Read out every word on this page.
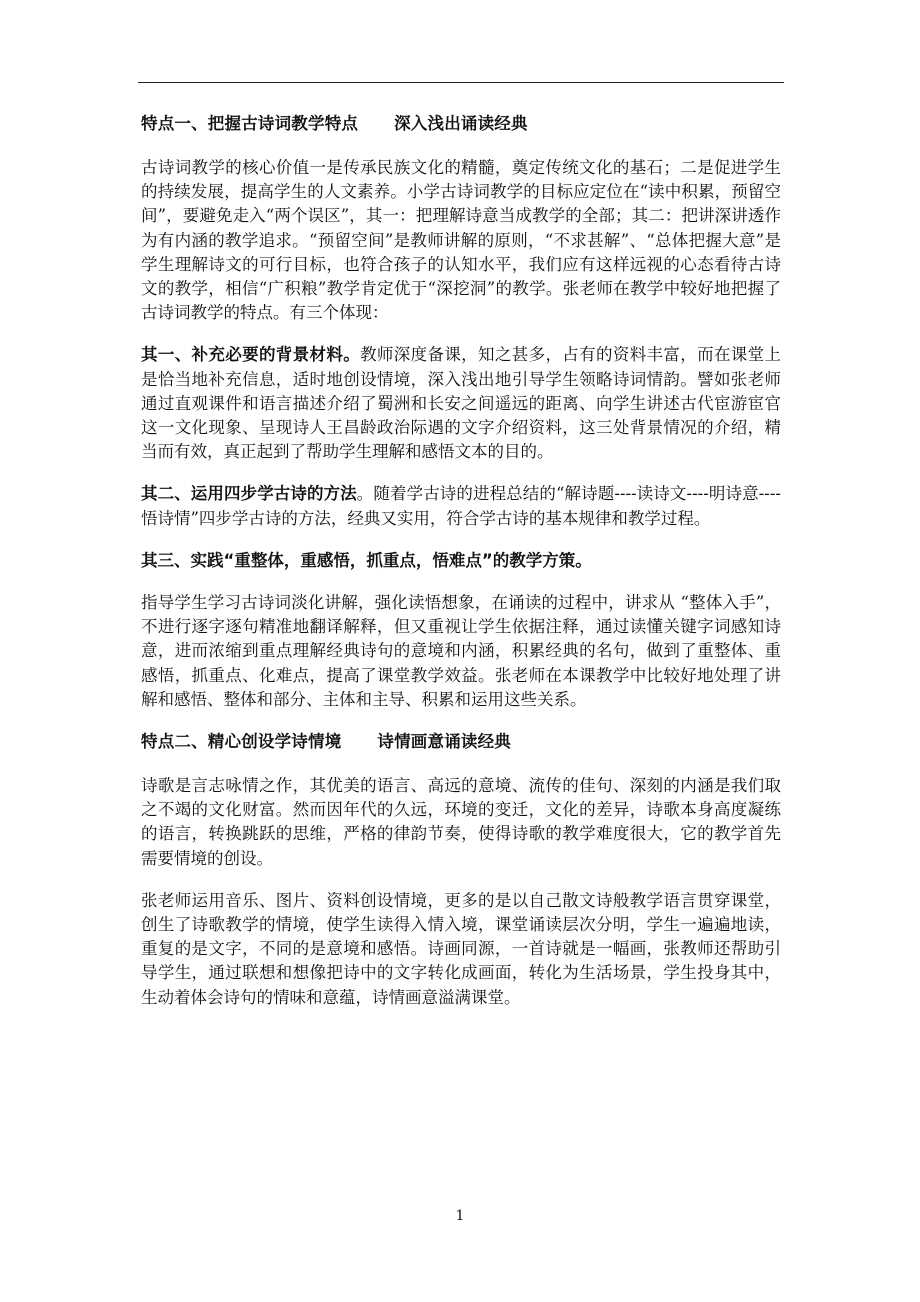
特点一、把握古诗词教学特点 深入浅出诵读经典

古诗词教学的核心价值一是传承民族文化的精髓，奠定传统文化的基石；二是促进学生的持续发展，提高学生的人文素养。小学古诗词教学的目标应定位在“读中积累，预留空间”，要避免走入“两个误区”，其一：把理解诗意当成教学的全部；其二：把讲深讲透作为有内涵的教学追求。“预留空间”是教师讲解的原则，“不求甚解”、“总体把握大意”是学生理解诗文的可行目标，也符合孩子的认知水平，我们应有这样远视的心态看待古诗文的教学，相信“广积粮”教学肯定优于“深挖洞”的教学。张老师在教学中较好地把握了古诗词教学的特点。有三个体现：

其一、补充必要的背景材料。教师深度备课，知之甚多，占有的资料丰富，而在课堂上是恰当地补充信息，适时地创设情境，深入浅出地引导学生领略诗词情韵。譬如张老师通过直观课件和语言描述介绍了蜀洲和长安之间遥远的距离、向学生讲述古代宦游宦官这一文化现象、呈现诗人王昌龄政治际遇的文字介绍资料，这三处背景情况的介绍，精当而有效，真正起到了帮助学生理解和感悟文本的目的。

其二、运用四步学古诗的方法。随着学古诗的进程总结的“解诗题----读诗文----明诗意----悟诗情”四步学古诗的方法，经典又实用，符合学古诗的基本规律和教学过程。

其三、实践“重整体，重感悟，抓重点，悟难点”的教学方策。

指导学生学习古诗词淡化讲解，强化读悟想象，在诵读的过程中，讲求从 “整体入手”，不进行逐字逐句精准地翻译解释，但又重视让学生依据注释，通过读懂关键字词感知诗意，进而浓缩到重点理解经典诗句的意境和内涵，积累经典的名句，做到了重整体、重感悟，抓重点、化难点，提高了课堂教学效益。张老师在本课教学中比较好地处理了讲解和感悟、整体和部分、主体和主导、积累和运用这些关系。

特点二、精心创设学诗情境 诗情画意诵读经典

诗歌是言志咏情之作，其优美的语言、高远的意境、流传的佳句、深刻的内涵是我们取之不竭的文化财富。然而因年代的久远，环境的变迁，文化的差异，诗歌本身高度凝练的语言，转换跳跃的思维，严格的律韵节奏，使得诗歌的教学难度很大，它的教学首先需要情境的创设。

张老师运用音乐、图片、资料创设情境，更多的是以自己散文诗般教学语言贯穿课堂，创生了诗歌教学的情境，使学生读得入情入境，课堂诵读层次分明，学生一遍遍地读，重复的是文字，不同的是意境和感悟。诗画同源，一首诗就是一幅画，张教师还帮助引导学生，通过联想和想像把诗中的文字转化成画面，转化为生活场景，学生投身其中，生动着体会诗句的情味和意蕴，诗情画意溢满课堂。

1
